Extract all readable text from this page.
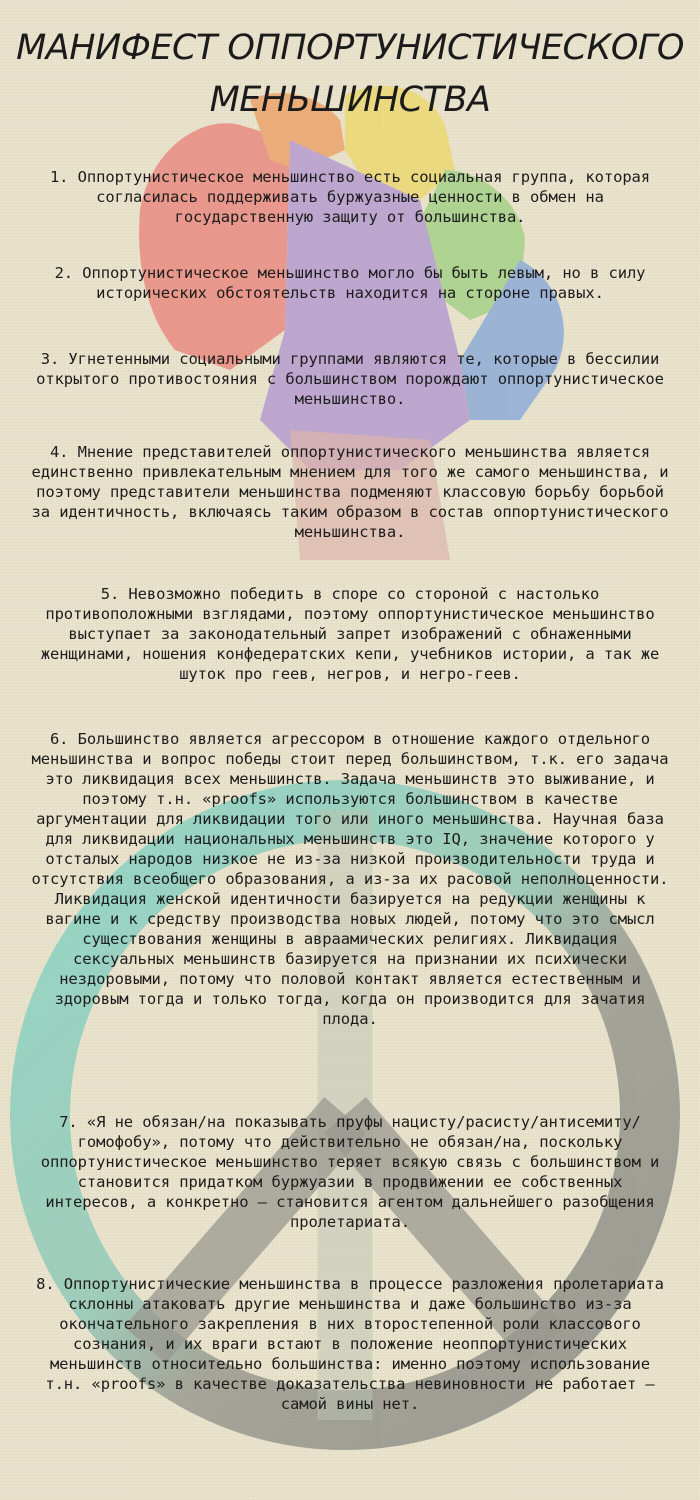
МАНИФЕСТ ОППОРТУНИСТИЧЕСКОГО
МЕНЬШИНСТВА

1. Оппортунистическое меньшинство есть социальная группа, которая согласилась поддерживать буржуазные ценности в обмен на государственную защиту от большинства.

2. Оппортунистическое меньшинство могло бы быть левым, но в силу исторических обстоятельств находится на стороне правых.

3. Угнетенными социальными группами являются те, которые в бессилии открытого противостояния с большинством порождают оппортунистическое меньшинство.

4. Мнение представителей оппортунистического меньшинства является единственно привлекательным мнением для того же самого меньшинства, и поэтому представители меньшинства подменяют классовую борьбу борьбой за идентичность, включаясь таким образом в состав оппортунистического меньшинства.

5. Невозможно победить в споре со стороной с настолько противоположными взглядами, поэтому оппортунистическое меньшинство выступает за законодательный запрет изображений с обнаженными женщинами, ношения конфедератских кепи, учебников истории, а так же шуток про геев, негров, и негро-геев.

6. Большинство является агрессором в отношение каждого отдельного меньшинства и вопрос победы стоит перед большинством, т.к. его задача это ликвидация всех меньшинств. Задача меньшинств это выживание, и поэтому т.н. «proofs» используются большинством в качестве аргументации для ликвидации того или иного меньшинства. Научная база для ликвидации национальных меньшинств это IQ, значение которого у отсталых народов низкое не из-за низкой производительности труда и отсутствия всеобщего образования, а из-за их расовой неполноценности. Ликвидация женской идентичности базируется на редукции женщины к вагине и к средству производства новых людей, потому что это смысл существования женщины в авраамических религиях. Ликвидация сексуальных меньшинств базируется на признании их психически нездоровыми, потому что половой контакт является естественным и здоровым тогда и только тогда, когда он производится для зачатия плода.

7. «Я не обязан/на показывать пруфы нацисту/расисту/антисемиту/гомофобу», потому что действительно не обязан/на, поскольку оппортунистическое меньшинство теряет всякую связь с большинством и становится придатком буржуазии в продвижении ее собственных интересов, а конкретно — становится агентом дальнейшего разобщения пролетариата.

8. Оппортунистические меньшинства в процессе разложения пролетариата склонны атаковать другие меньшинства и даже большинство из-за окончательного закрепления в них второстепенной роли классового сознания, и их враги встают в положение неоппортунистических меньшинств относительно большинства: именно поэтому использование т.н. «proofs» в качестве доказательства невиновности не работает — самой вины нет.
